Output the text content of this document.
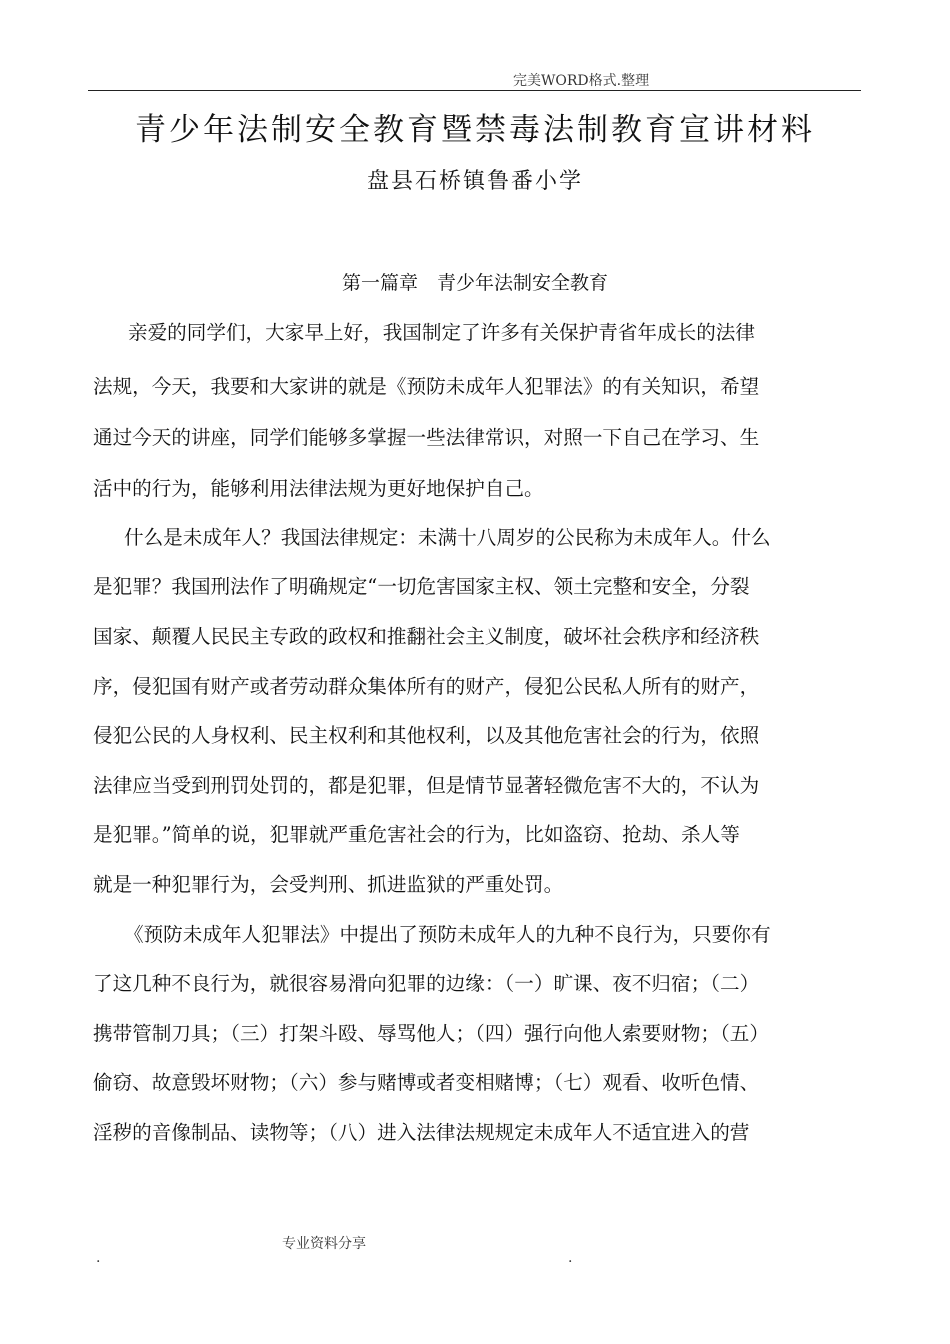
完美WORD格式.整理
青少年法制安全教育暨禁毒法制教育宣讲材料
盘县石桥镇鲁番小学
第一篇章　青少年法制安全教育
亲爱的同学们，大家早上好，我国制定了许多有关保护青省年成长的法律
法规，今天，我要和大家讲的就是《预防未成年人犯罪法》的有关知识，希望
通过今天的讲座，同学们能够多掌握一些法律常识，对照一下自己在学习、生
活中的行为，能够利用法律法规为更好地保护自己。
什么是未成年人？我国法律规定：未满十八周岁的公民称为未成年人。什么
是犯罪？我国刑法作了明确规定“一切危害国家主权、领土完整和安全，分裂
国家、颠覆人民民主专政的政权和推翻社会主义制度，破坏社会秩序和经济秩
序，侵犯国有财产或者劳动群众集体所有的财产，侵犯公民私人所有的财产，
侵犯公民的人身权利、民主权利和其他权利，以及其他危害社会的行为，依照
法律应当受到刑罚处罚的，都是犯罪，但是情节显著轻微危害不大的，不认为
是犯罪。”简单的说，犯罪就严重危害社会的行为，比如盗窃、抢劫、杀人等
就是一种犯罪行为，会受判刑、抓进监狱的严重处罚。
《预防未成年人犯罪法》中提出了预防未成年人的九种不良行为，只要你有
了这几种不良行为，就很容易滑向犯罪的边缘：（一）旷课、夜不归宿；（二）
携带管制刀具；（三）打架斗殴、辱骂他人；（四）强行向他人索要财物；（五）
偷窃、故意毁坏财物；（六）参与赌博或者变相赌博；（七）观看、收听色情、
淫秽的音像制品、读物等；（八）进入法律法规规定未成年人不适宜进入的营
.
专业资料分享
.
